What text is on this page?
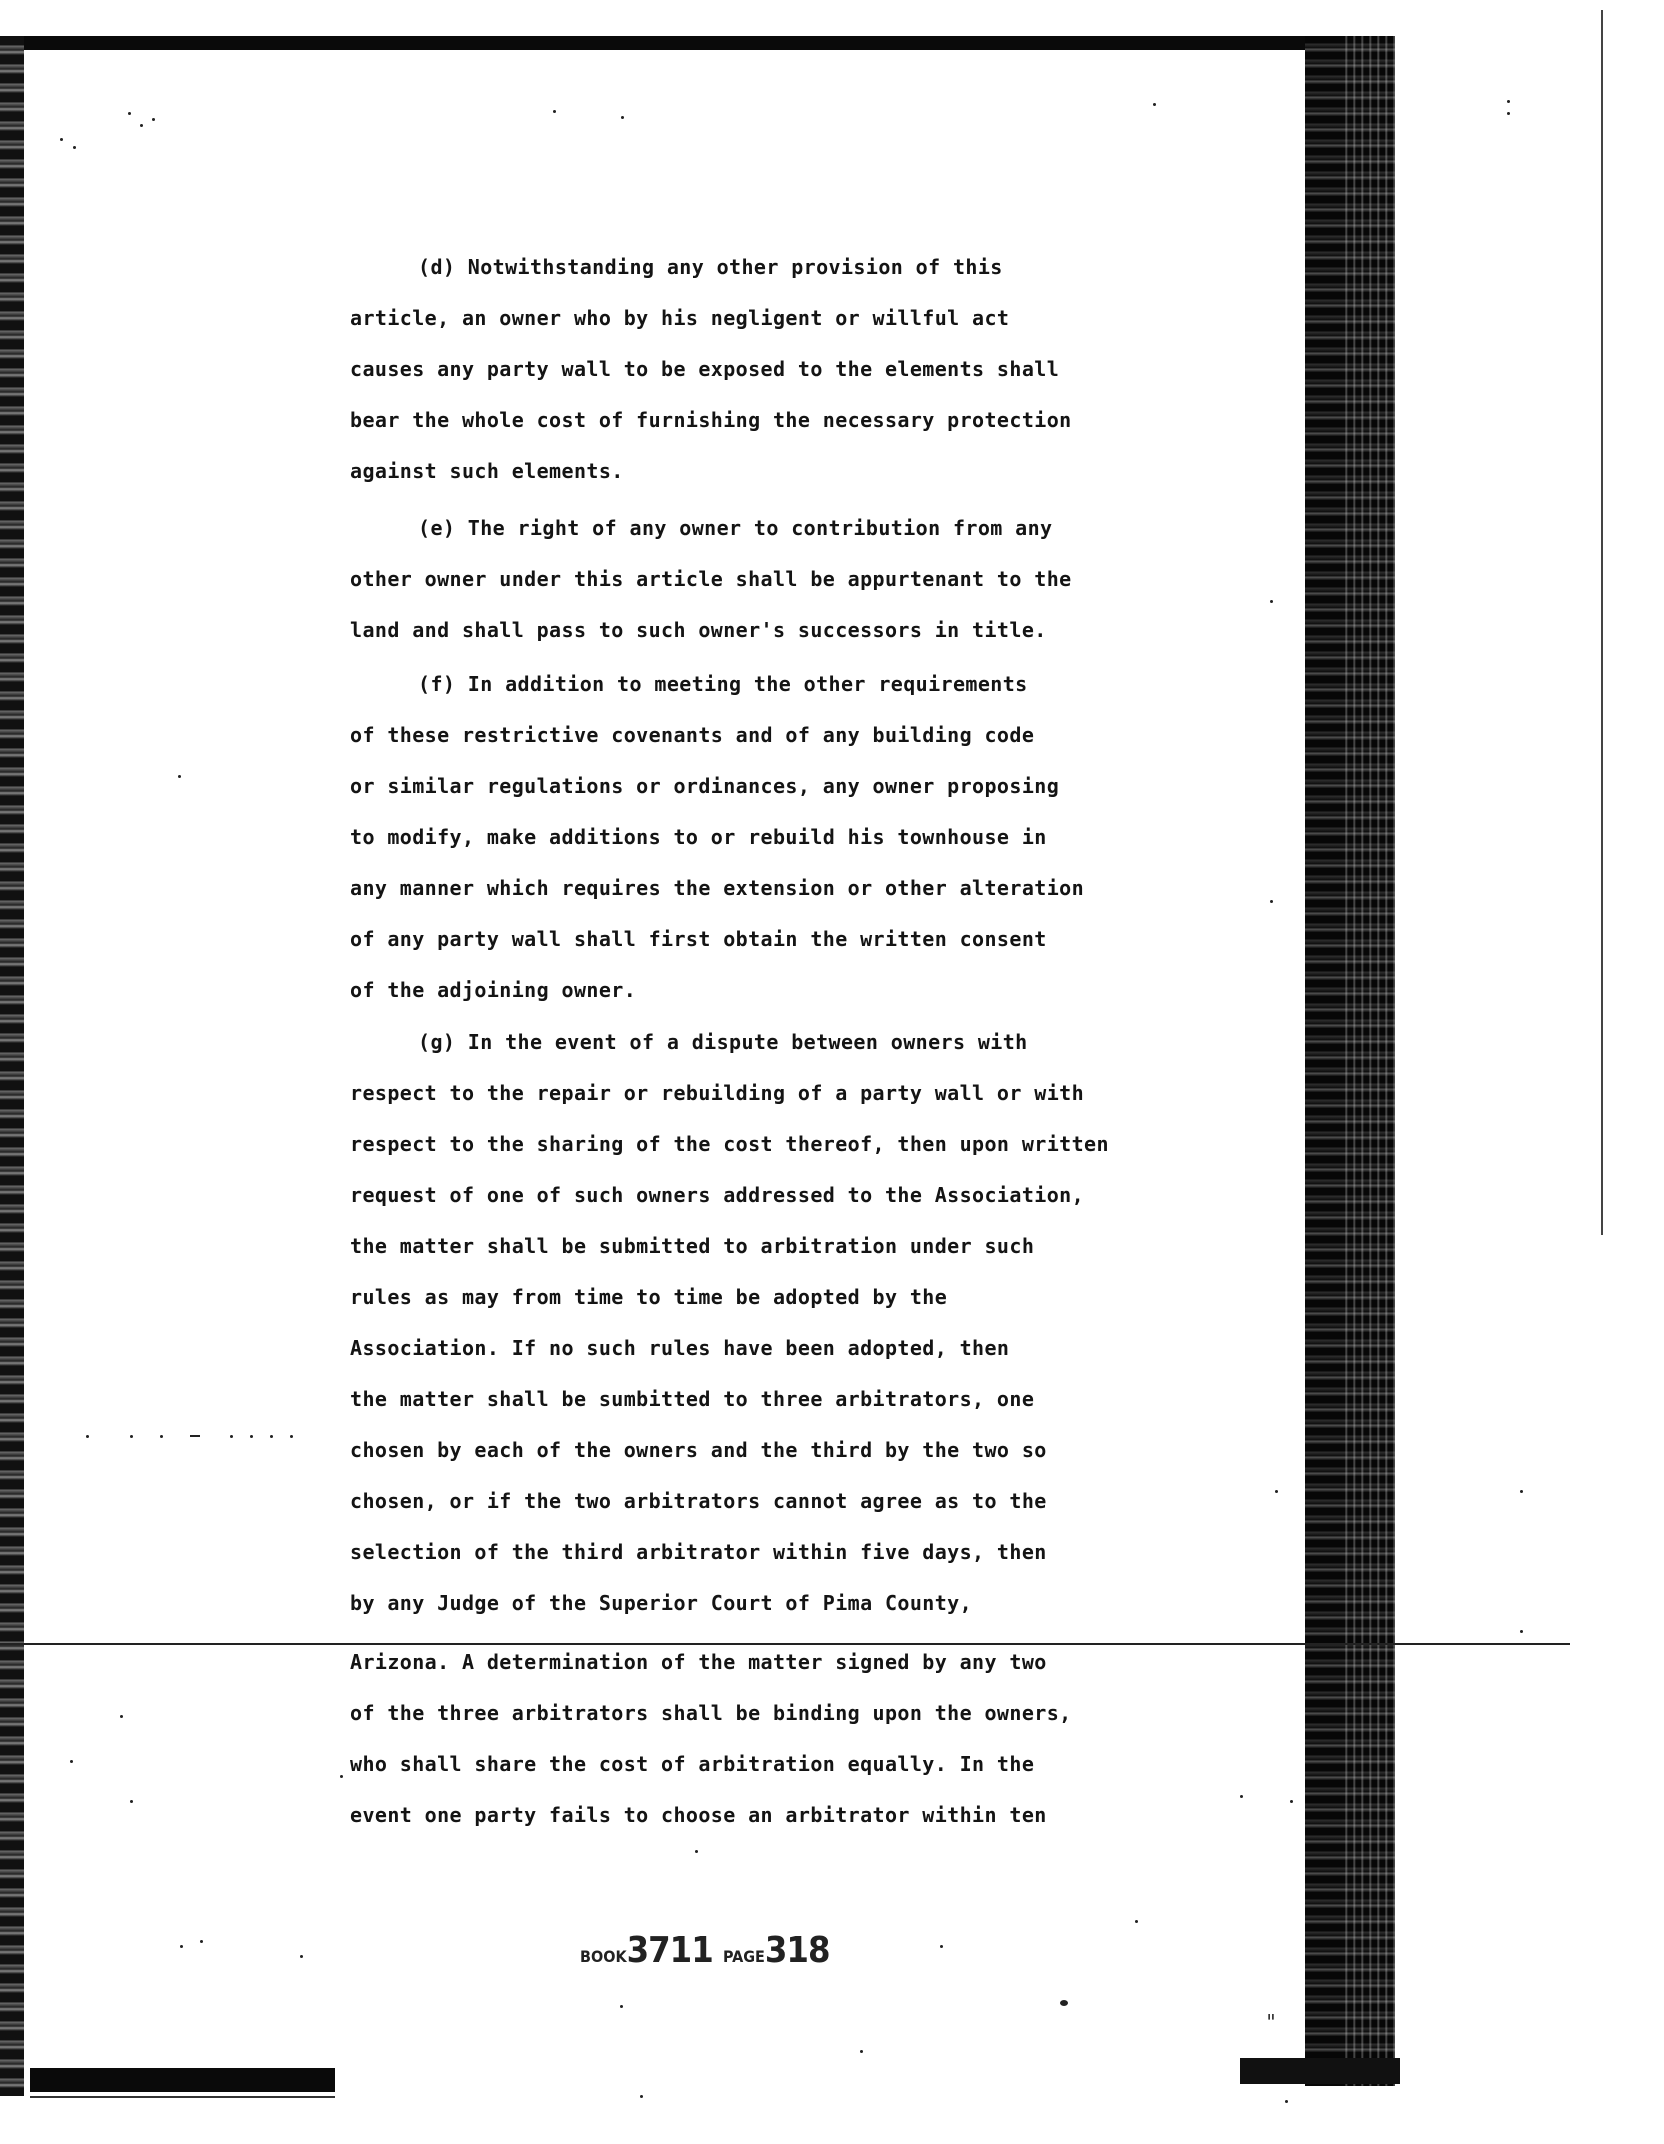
(d) Notwithstanding any other provision of this

article, an owner who by his negligent or willful act

causes any party wall to be exposed to the elements shall

bear the whole cost of furnishing the necessary protection

against such elements.

(e) The right of any owner to contribution from any

other owner under this article shall be appurtenant to the

land and shall pass to such owner's successors in title.

(f) In addition to meeting the other requirements

of these restrictive covenants and of any building code

or similar regulations or ordinances, any owner proposing

to modify, make additions to or rebuild his townhouse in

any manner which requires the extension or other alteration

of any party wall shall first obtain the written consent

of the adjoining owner.

(g) In the event of a dispute between owners with

respect to the repair or rebuilding of a party wall or with

respect to the sharing of the cost thereof, then upon written

request of one of such owners addressed to the Association,

the matter shall be submitted to arbitration under such

rules as may from time to time be adopted by the

Association. If no such rules have been adopted, then

the matter shall be sumbitted to three arbitrators, one

chosen by each of the owners and the third by the two so

chosen, or if the two arbitrators cannot agree as to the

selection of the third arbitrator within five days, then

by any Judge of the Superior Court of Pima County,

Arizona. A determination of the matter signed by any two

of the three arbitrators shall be binding upon the owners,

who shall share the cost of arbitration equally. In the

event one party fails to choose an arbitrator within ten

BOOK3711 PAGE318
"
